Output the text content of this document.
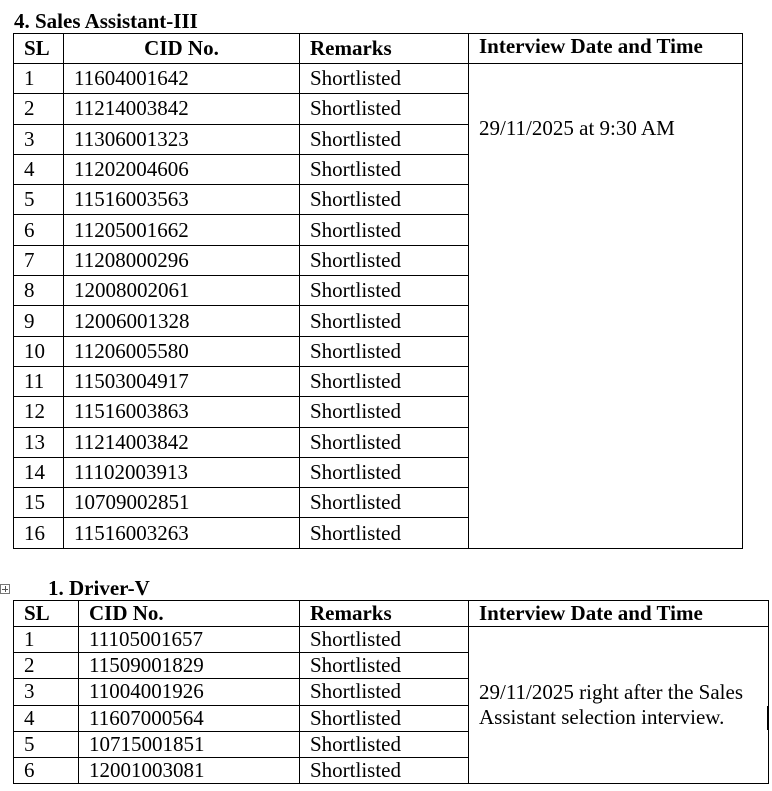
4. Sales Assistant-III
SL	CID No.	Remarks	Interview Date and Time
1	11604001642	Shortlisted	29/11/2025 at 9:30 AM
2	11214003842	Shortlisted	
3	11306001323	Shortlisted	
4	11202004606	Shortlisted	
5	11516003563	Shortlisted	
6	11205001662	Shortlisted	
7	11208000296	Shortlisted	
8	12008002061	Shortlisted	
9	12006001328	Shortlisted	
10	11206005580	Shortlisted	
11	11503004917	Shortlisted	
12	11516003863	Shortlisted	
13	11214003842	Shortlisted	
14	11102003913	Shortlisted	
15	10709002851	Shortlisted	
16	11516003263	Shortlisted	
1. Driver-V
SL	CID No.	Remarks	Interview Date and Time
1	11105001657	Shortlisted	29/11/2025 right after the Sales Assistant selection interview.
2	11509001829	Shortlisted	
3	11004001926	Shortlisted	
4	11607000564	Shortlisted	
5	10715001851	Shortlisted	
6	12001003081	Shortlisted	
